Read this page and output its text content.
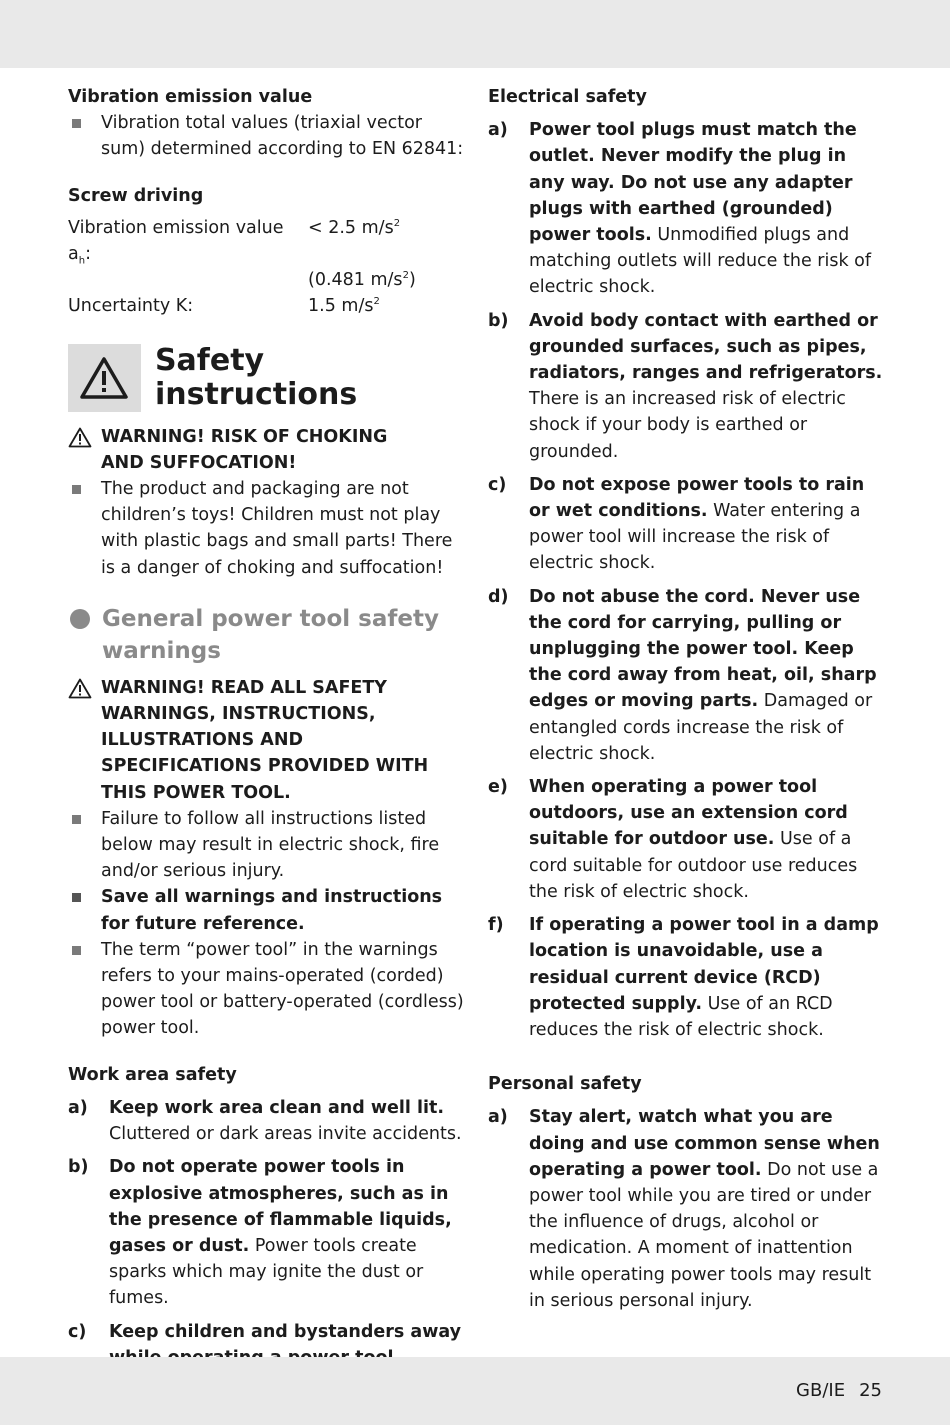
Vibration emission value
Vibration total values (triaxial vector sum) determined according to EN 62841:
Screw driving
Vibration emission value $a_h$:
< 2.5 $m/s^2$
(0.481 $m/s^2$)
Uncertainty K:	1.5 $m/s^2$
Safety instructions
WARNING! RISK OF CHOKING
AND SUFFOCATION!
The product and packaging are not children’s toys! Children must not play with plastic bags and small parts! There is a danger of choking and suffocation!
General power tool safety warnings
WARNING! READ ALL SAFETY WARNINGS, INSTRUCTIONS, ILLUSTRATIONS AND SPECIFICATIONS PROVIDED WITH THIS POWER TOOL.
Failure to follow all instructions listed below may result in electric shock, fire and/or serious injury.
Save all warnings and instructions for future reference.
The term “power tool” in the warnings refers to your mains-operated (corded) power tool or battery-operated (cordless) power tool.
Work area safety
a) Keep work area clean and well lit. Cluttered or dark areas invite accidents.
b) Do not operate power tools in explosive atmospheres, such as in the presence of flammable liquids, gases or dust. Power tools create sparks which may ignite the dust or fumes.
c) Keep children and bystanders away
Electrical safety
a) Power tool plugs must match the outlet. Never modify the plug in any way. Do not use any adapter plugs with earthed (grounded) power tools. Unmodified plugs and matching outlets will reduce the risk of electric shock.
b) Avoid body contact with earthed or grounded surfaces, such as pipes, radiators, ranges and refrigerators. There is an increased risk of electric shock if your body is earthed or grounded.
c) Do not expose power tools to rain or wet conditions. Water entering a power tool will increase the risk of electric shock.
d) Do not abuse the cord. Never use the cord for carrying, pulling or unplugging the power tool. Keep the cord away from heat, oil, sharp edges or moving parts. Damaged or entangled cords increase the risk of electric shock.
e) When operating a power tool outdoors, use an extension cord suitable for outdoor use. Use of a cord suitable for outdoor use reduces the risk of electric shock.
f) If operating a power tool in a damp location is unavoidable, use a residual current device (RCD) protected supply. Use of an RCD reduces the risk of electric shock.
Personal safety
a) Stay alert, watch what you are doing and use common sense when operating a power tool. Do not use a power tool while you are tired or under the influence of drugs, alcohol or medication. A moment of inattention while operating power tools may result in serious personal injury.
GB/IE 25
